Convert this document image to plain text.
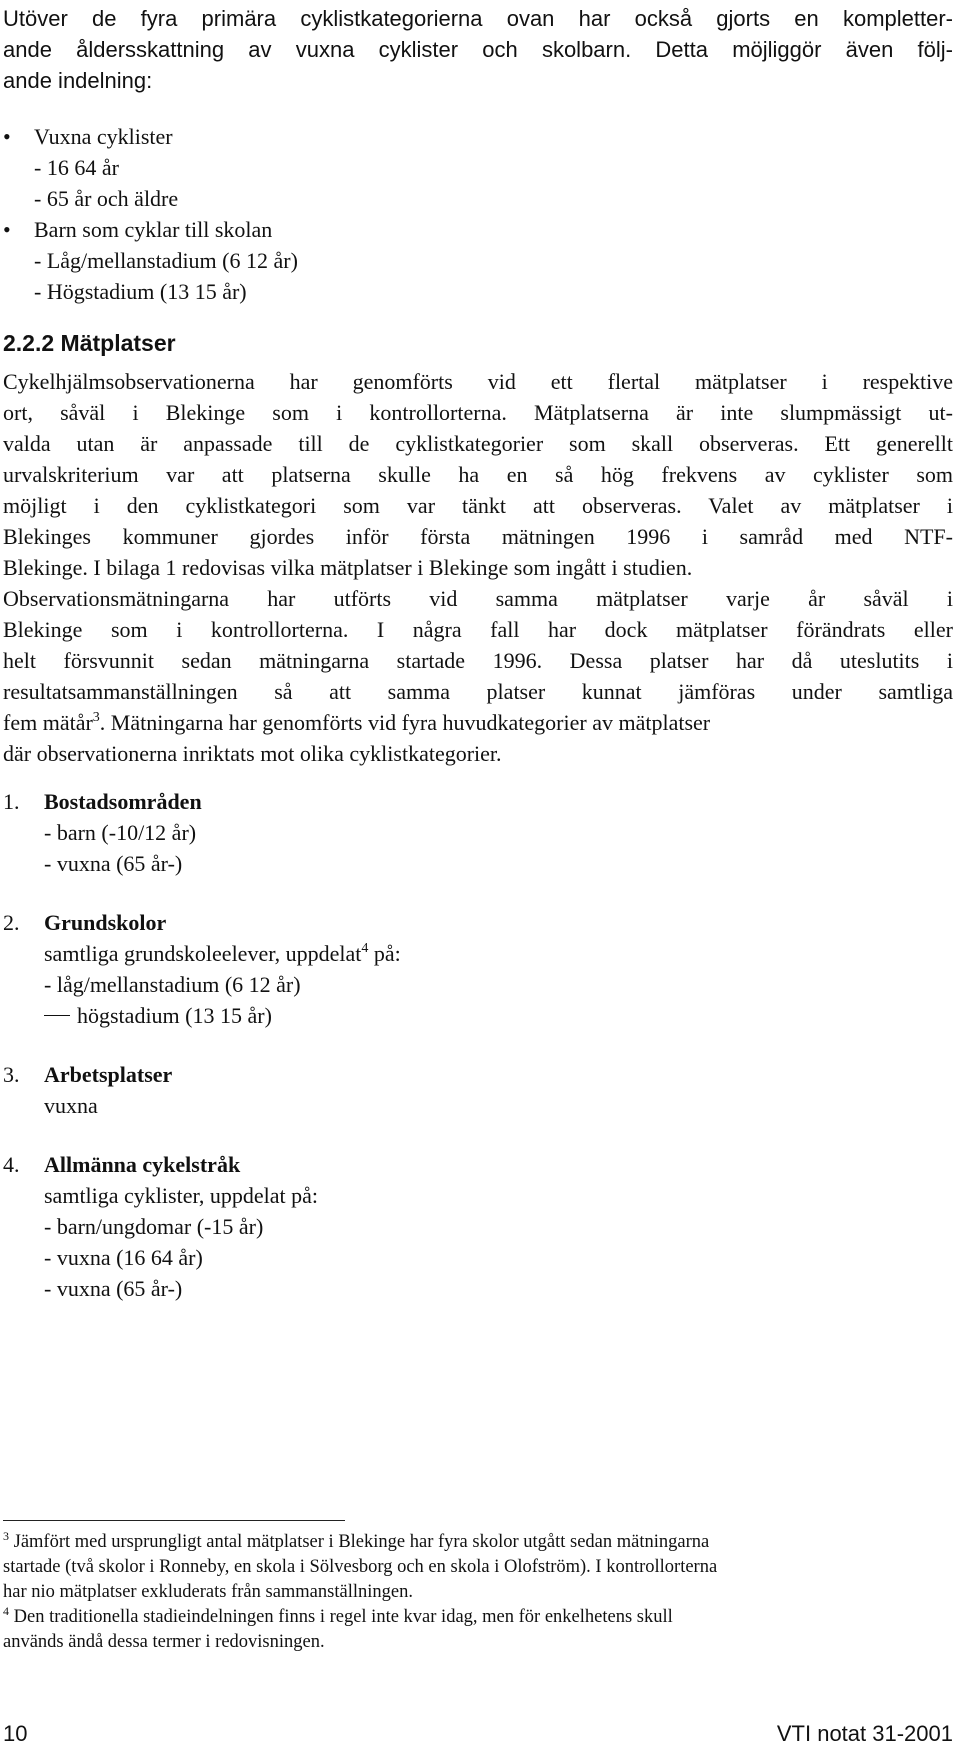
Utöver de fyra primära cyklistkategorierna ovan har också gjorts en kompletter-
ande åldersskattning av vuxna cyklister och skolbarn. Detta möjliggör även följ-
ande indelning:
•	Vuxna cyklister
- 16 64 år
- 65 år och äldre
•	Barn som cyklar till skolan
- Låg/mellanstadium (6 12 år)
- Högstadium (13 15 år)
2.2.2 Mätplatser
Cykelhjälmsobservationerna har genomförts vid ett flertal mätplatser i respektive
ort, såväl i Blekinge som i kontrollorterna. Mätplatserna är inte slumpmässigt ut-
valda utan är anpassade till de cyklistkategorier som skall observeras. Ett generellt
urvalskriterium var att platserna skulle ha en så hög frekvens av cyklister som
möjligt i den cyklistkategori som var tänkt att observeras. Valet av mätplatser i
Blekinges kommuner gjordes inför första mätningen 1996 i samråd med NTF-
Blekinge. I bilaga 1 redovisas vilka mätplatser i Blekinge som ingått i studien.
Observationsmätningarna har utförts vid samma mätplatser varje år såväl i
Blekinge som i kontrollorterna. I några fall har dock mätplatser förändrats eller
helt försvunnit sedan mätningarna startade 1996. Dessa platser har då uteslutits i
resultatsammanställningen så att samma platser kunnat jämföras under samtliga
fem mätår$^3$. Mätningarna har genomförts vid fyra huvudkategorier av mätplatser
där observationerna inriktats mot olika cyklistkategorier.
1.	Bostadsområden
- barn (-10/12 år)
- vuxna (65 år-)
2.	Grundskolor
samtliga grundskoleelever, uppdelat$^4$ på:
- låg/mellanstadium (6 12 år)
högstadium (13 15 år)
3.	Arbetsplatser
vuxna
4.	Allmänna cykelstråk
samtliga cyklister, uppdelat på:
- barn/ungdomar (-15 år)
- vuxna (16 64 år)
- vuxna (65 år-)
$^3$ Jämfört med ursprungligt antal mätplatser i Blekinge har fyra skolor utgått sedan mätningarna
startade (två skolor i Ronneby, en skola i Sölvesborg och en skola i Olofström). I kontrollorterna
har nio mätplatser exkluderats från sammanställningen.
$^4$ Den traditionella stadieindelningen finns i regel inte kvar idag, men för enkelhetens skull
används ändå dessa termer i redovisningen.
10	VTI notat 31-2001
